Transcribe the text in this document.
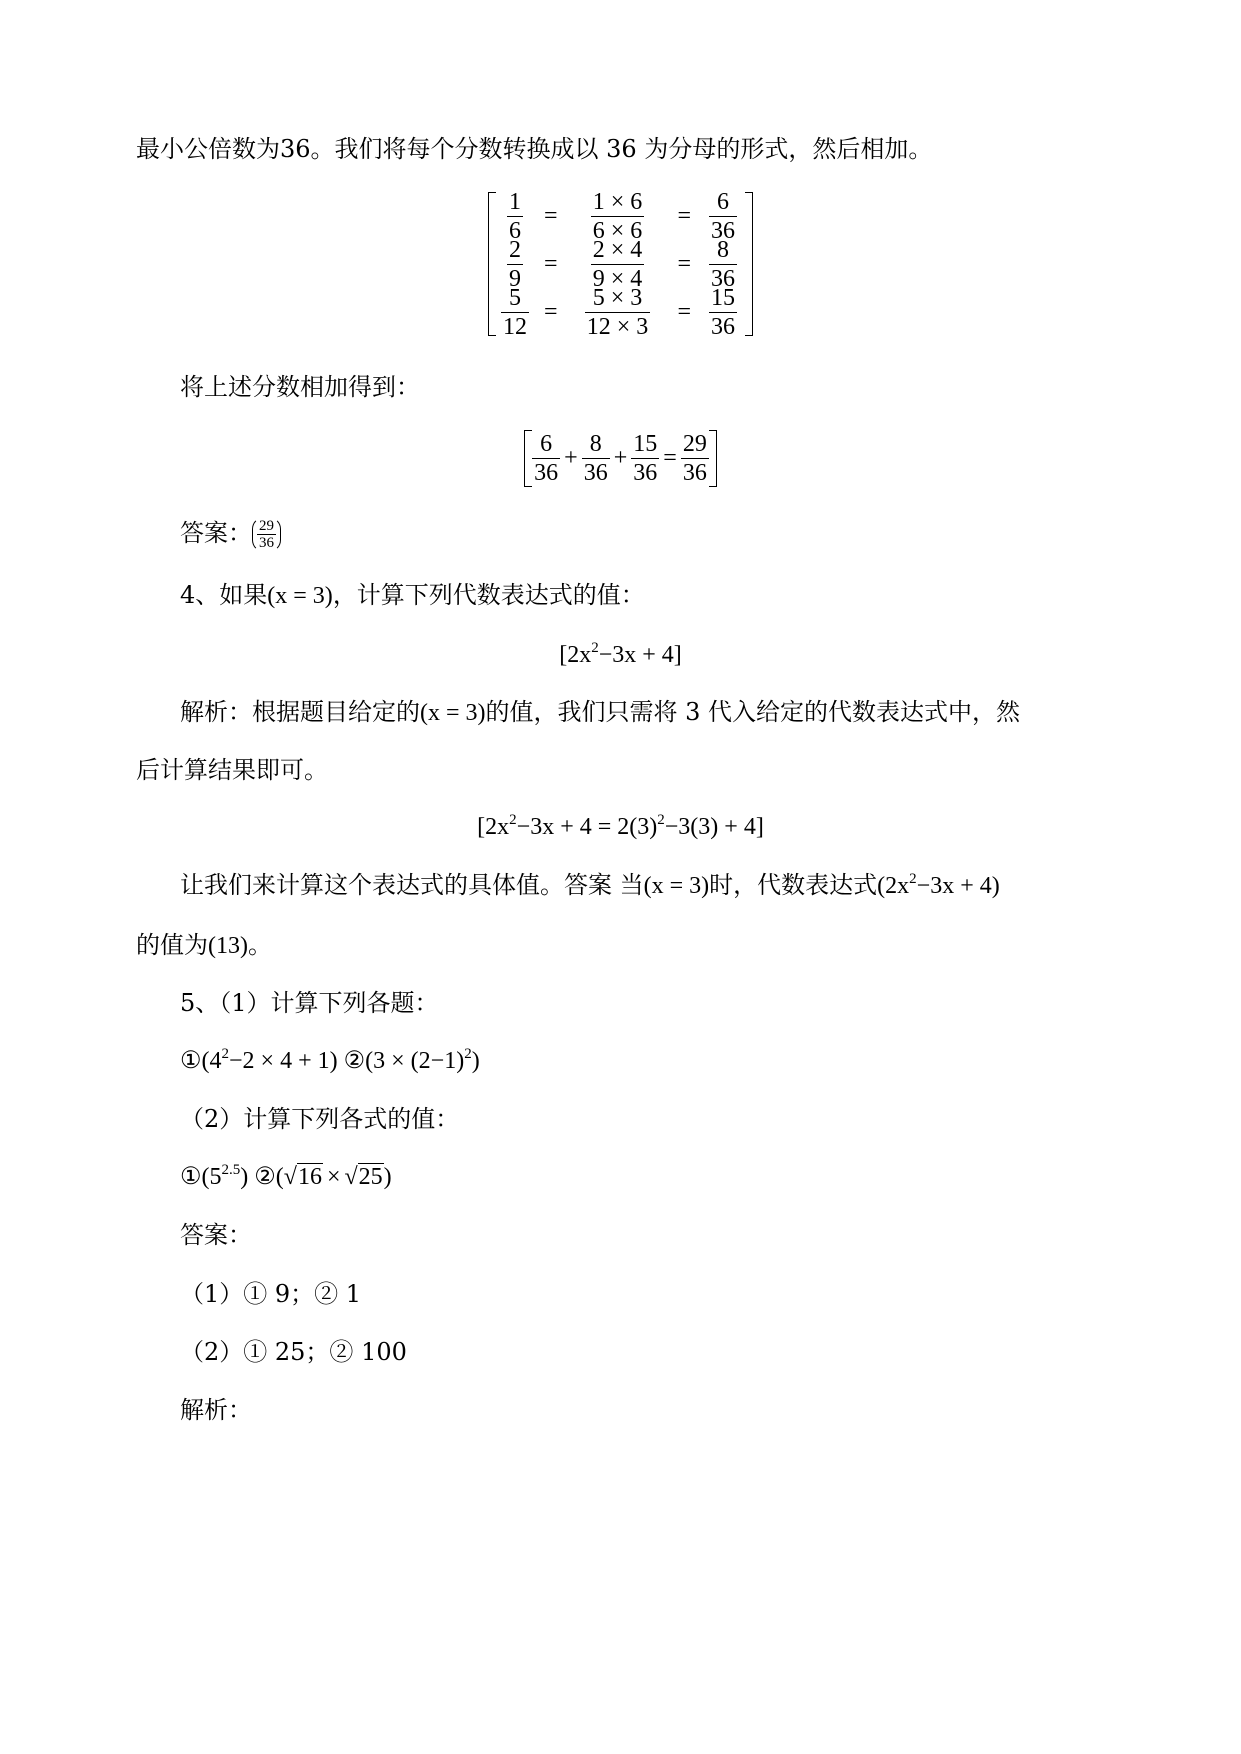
最小公倍数为36。我们将每个分数转换成以 36 为分母的形式，然后相加。
$\frac{1}{6} = \frac{1 \times 6}{6 \times 6} = \frac{6}{36}$
$\frac{2}{9} = \frac{2 \times 4}{9 \times 4} = \frac{8}{36}$
$\frac{5}{12} = \frac{5 \times 3}{12 \times 3} = \frac{15}{36}$
将上述分数相加得到：
$\frac{6}{36} + \frac{8}{36} + \frac{15}{36} = \frac{29}{36}$
答案： $\frac{29}{36}$
4、如果(x = 3)，计算下列代数表达式的值：
$[2x^2-3x + 4]$
解析：根据题目给定的(x = 3)的值，我们只需将 3 代入给定的代数表达式中，然
后计算结果即可。
$[2x^2-3x + 4 = 2(3)^2-3(3) + 4]$
让我们来计算这个表达式的具体值。答案 当(x = 3)时，代数表达式$(2x^2-3x + 4)$
的值为(13)。
5、（1）计算下列各题：
$①(4^2-2 \times 4 + 1)$ ②(3 × $(2-1)^2$)
（2）计算下列各式的值：
$①(5^{2.5})$ ②(√16 × √25)
答案：
（1）① 9；② 1
（2）① 25；② 100
解析：
